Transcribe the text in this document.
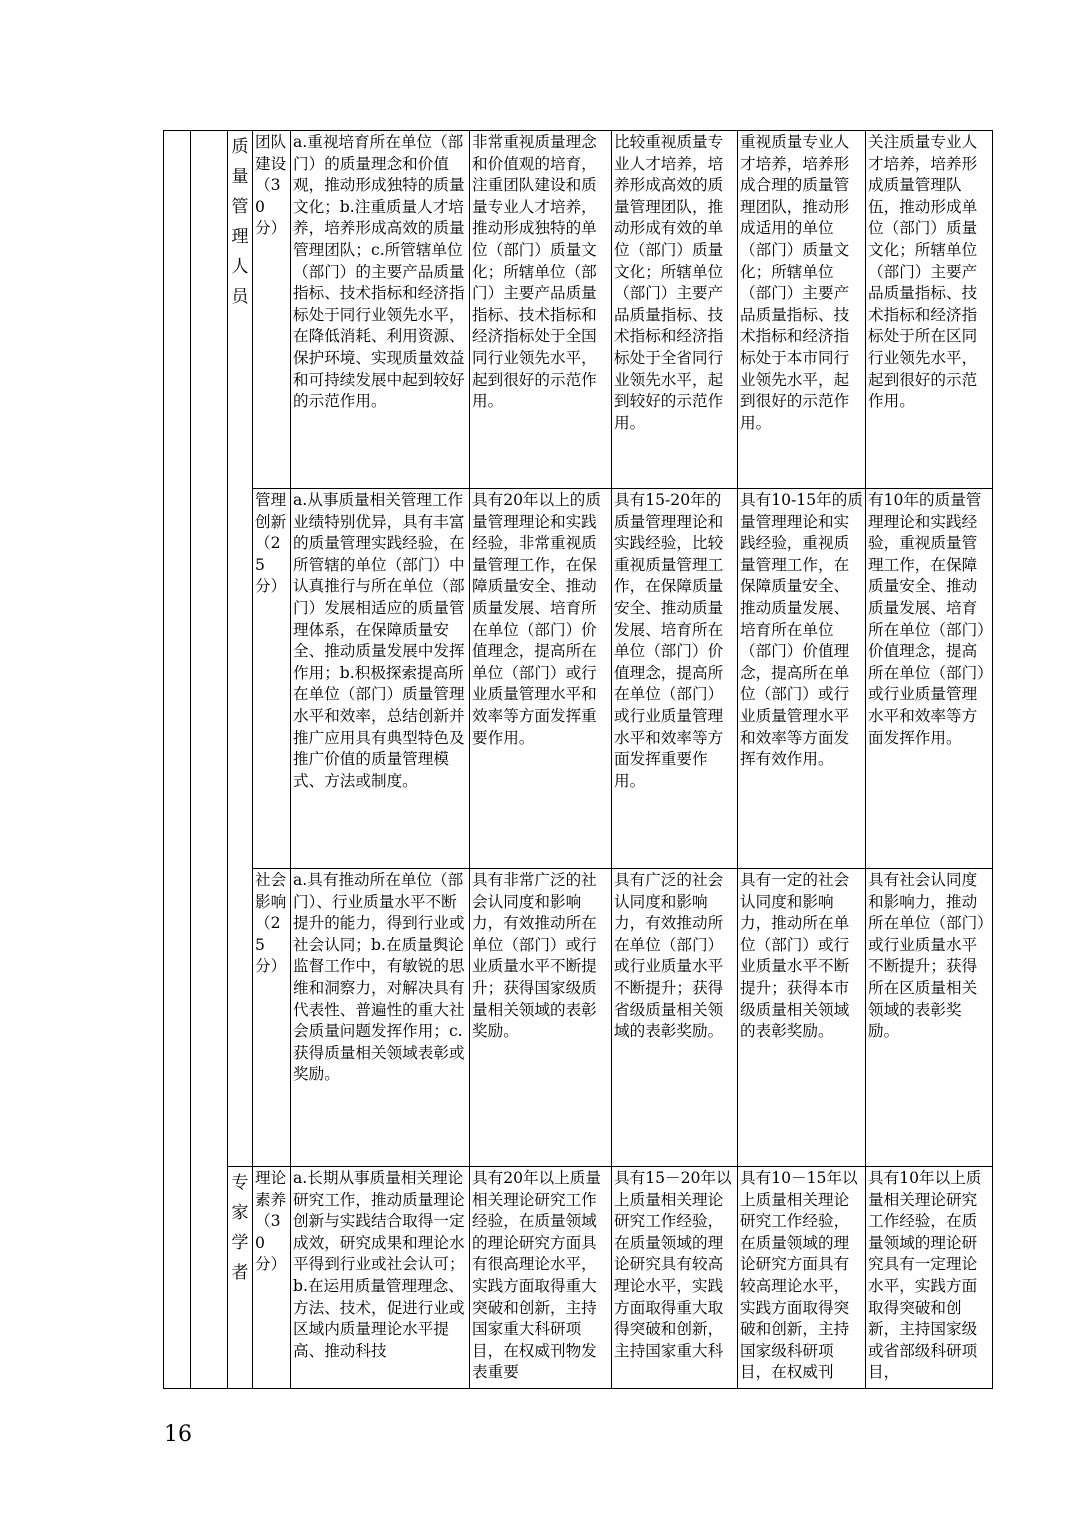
		质量管理人员	团队建设（30分）	a.重视培育所在单位（部门）的质量理念和价值观，推动形成独特的质量文化；b.注重质量人才培养，培养形成高效的质量管理团队；c.所管辖单位（部门）的主要产品质量指标、技术指标和经济指标处于同行业领先水平，在降低消耗、利用资源、保护环境、实现质量效益和可持续发展中起到较好的示范作用。	非常重视质量理念和价值观的培育，注重团队建设和质量专业人才培养，推动形成独特的单位（部门）质量文化；所辖单位（部门）主要产品质量指标、技术指标和经济指标处于全国同行业领先水平，起到很好的示范作用。	比较重视质量专业人才培养，培养形成高效的质量管理团队，推动形成有效的单位（部门）质量文化；所辖单位（部门）主要产品质量指标、技术指标和经济指标处于全省同行业领先水平，起到较好的示范作用。	重视质量专业人才培养，培养形成合理的质量管理团队，推动形成适用的单位（部门）质量文化；所辖单位（部门）主要产品质量指标、技术指标和经济指标处于本市同行业领先水平，起到很好的示范作用。	关注质量专业人才培养，培养形成质量管理队伍，推动形成单位（部门）质量文化；所辖单位（部门）主要产品质量指标、技术指标和经济指标处于所在区同行业领先水平，起到很好的示范作用。
			管理创新（25分）	a.从事质量相关管理工作业绩特别优异，具有丰富的质量管理实践经验，在所管辖的单位（部门）中认真推行与所在单位（部门）发展相适应的质量管理体系，在保障质量安全、推动质量发展中发挥作用；b.积极探索提高所在单位（部门）质量管理水平和效率，总结创新并推广应用具有典型特色及推广价值的质量管理模式、方法或制度。	具有20年以上的质量管理理论和实践经验，非常重视质量管理工作，在保障质量安全、推动质量发展、培育所在单位（部门）价值理念，提高所在单位（部门）或行业质量管理水平和效率等方面发挥重要作用。	具有15-20年的质量管理理论和实践经验，比较重视质量管理工作，在保障质量安全、推动质量发展、培育所在单位（部门）价值理念，提高所在单位（部门）或行业质量管理水平和效率等方面发挥重要作用。	具有10-15年的质量管理理论和实践经验，重视质量管理工作，在保障质量安全、推动质量发展、培育所在单位（部门）价值理念，提高所在单位（部门）或行业质量管理水平和效率等方面发挥有效作用。	有10年的质量管理理论和实践经验，重视质量管理工作，在保障质量安全、推动质量发展、培育所在单位（部门）价值理念，提高所在单位（部门）或行业质量管理水平和效率等方面发挥作用。
			社会影响（25分）	a.具有推动所在单位（部门）、行业质量水平不断提升的能力，得到行业或社会认同；b.在质量舆论监督工作中，有敏锐的思维和洞察力，对解决具有代表性、普遍性的重大社会质量问题发挥作用；c.获得质量相关领域表彰或奖励。	具有非常广泛的社会认同度和影响力，有效推动所在单位（部门）或行业质量水平不断提升；获得国家级质量相关领域的表彰奖励。	具有广泛的社会认同度和影响力，有效推动所在单位（部门）或行业质量水平不断提升；获得省级质量相关领域的表彰奖励。	具有一定的社会认同度和影响力，推动所在单位（部门）或行业质量水平不断提升；获得本市级质量相关领域的表彰奖励。	具有社会认同度和影响力，推动所在单位（部门）或行业质量水平不断提升；获得所在区质量相关领域的表彰奖励。

		专家学者	理论素养（30分）	a.长期从事质量相关理论研究工作，推动质量理论创新与实践结合取得一定成效，研究成果和理论水平得到行业或社会认可；b.在运用质量管理理念、方法、技术，促进行业或区域内质量理论水平提高、推动科技	具有20年以上质量相关理论研究工作经验，在质量领域的理论研究方面具有很高理论水平，实践方面取得重大突破和创新，主持国家重大科研项目，在权威刊物发表重要	具有15－20年以上质量相关理论研究工作经验，在质量领域的理论研究具有较高理论水平，实践方面取得重大取得突破和创新，主持国家重大科	具有10－15年以上质量相关理论研究工作经验，在质量领域的理论研究方面具有较高理论水平，实践方面取得突破和创新，主持国家级科研项目，在权威刊	具有10年以上质量相关理论研究工作经验，在质量领域的理论研究具有一定理论水平，实践方面取得突破和创新，主持国家级或省部级科研项目，
16
